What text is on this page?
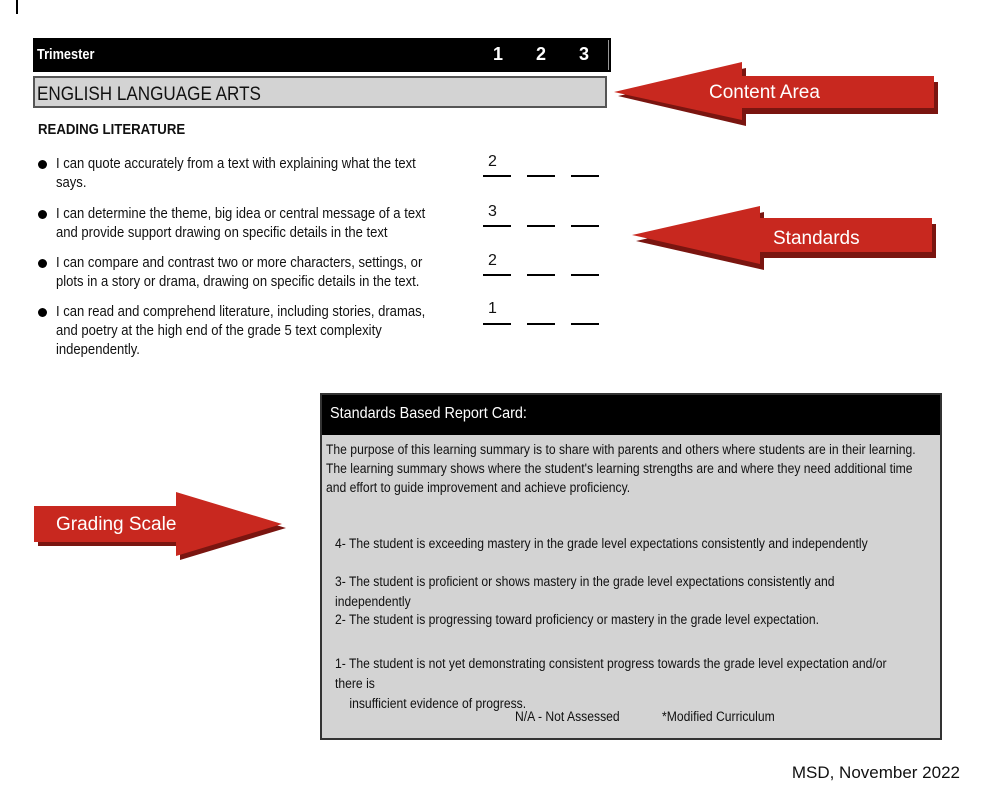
Trimester	1 2 3
ENGLISH LANGUAGE ARTS
READING LITERATURE
I can quote accurately from a text with explaining what the text says.
I can determine the theme, big idea or central message of a text and provide support drawing on specific details in the text
I can compare and contrast two or more characters, settings, or plots in a story or drama, drawing on specific details in the text.
I can read and comprehend literature, including stories, dramas, and poetry at the high end of the grade 5 text complexity independently.
2
3
2
1
Content Area
Standards
Grading Scale
Standards Based Report Card:
The purpose of this learning summary is to share with parents and others where students are in their learning. The learning summary shows where the student's learning strengths are and where they need additional time and effort to guide improvement and achieve proficiency.
4- The student is exceeding mastery in the grade level expectations consistently and independently
3- The student is proficient or shows mastery in the grade level expectations consistently and independently
2- The student is progressing toward proficiency or mastery in the grade level expectation.
1- The student is not yet demonstrating consistent progress towards the grade level expectation and/or there is
insufficient evidence of progress.
N/A - Not Assessed	*Modified Curriculum
MSD, November 2022
